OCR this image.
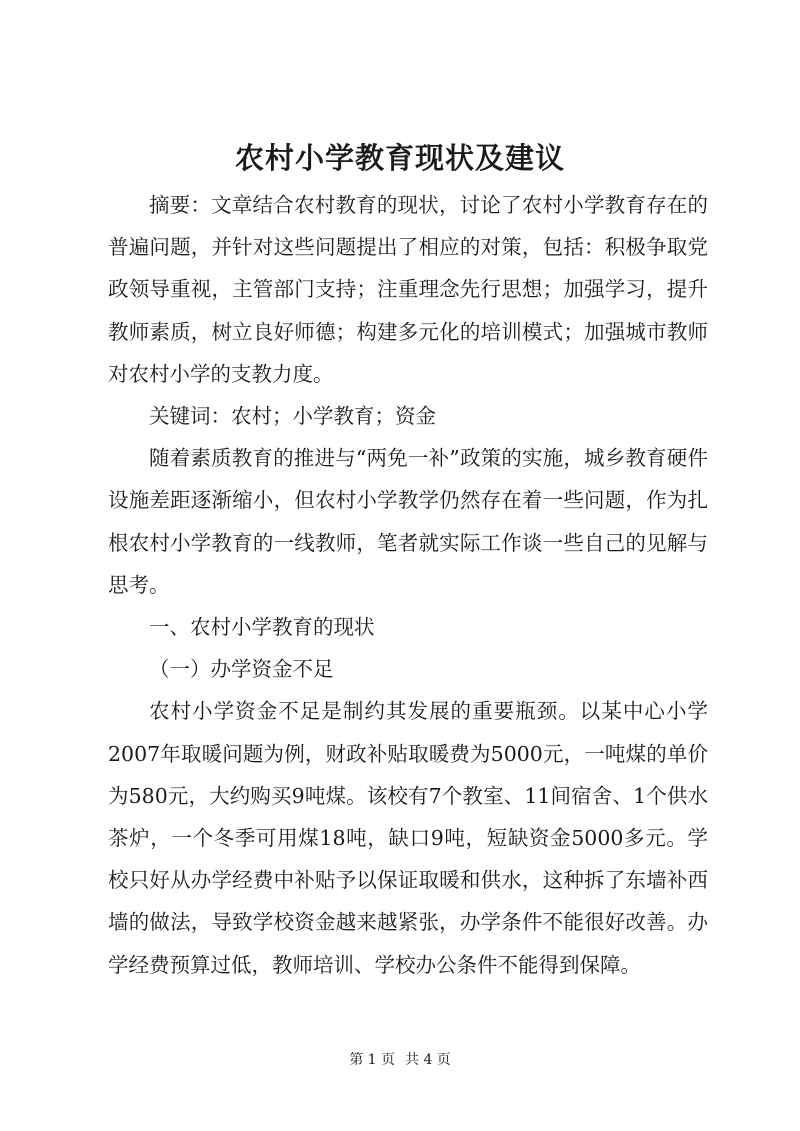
农村小学教育现状及建议

摘要：文章结合农村教育的现状，讨论了农村小学教育存在的普遍问题，并针对这些问题提出了相应的对策，包括：积极争取党政领导重视，主管部门支持；注重理念先行思想；加强学习，提升教师素质，树立良好师德；构建多元化的培训模式；加强城市教师对农村小学的支教力度。

关键词：农村；小学教育；资金

随着素质教育的推进与“两免一补”政策的实施，城乡教育硬件设施差距逐渐缩小，但农村小学教学仍然存在着一些问题，作为扎根农村小学教育的一线教师，笔者就实际工作谈一些自己的见解与思考。

一、农村小学教育的现状

（一）办学资金不足

农村小学资金不足是制约其发展的重要瓶颈。以某中心小学2007年取暖问题为例，财政补贴取暖费为5000元，一吨煤的单价为580元，大约购买9吨煤。该校有7个教室、11间宿舍、1个供水茶炉，一个冬季可用煤18吨，缺口9吨，短缺资金5000多元。学校只好从办学经费中补贴予以保证取暖和供水，这种拆了东墙补西墙的做法，导致学校资金越来越紧张，办学条件不能很好改善。办学经费预算过低，教师培训、学校办公条件不能得到保障。

第 1 页 共 4 页
